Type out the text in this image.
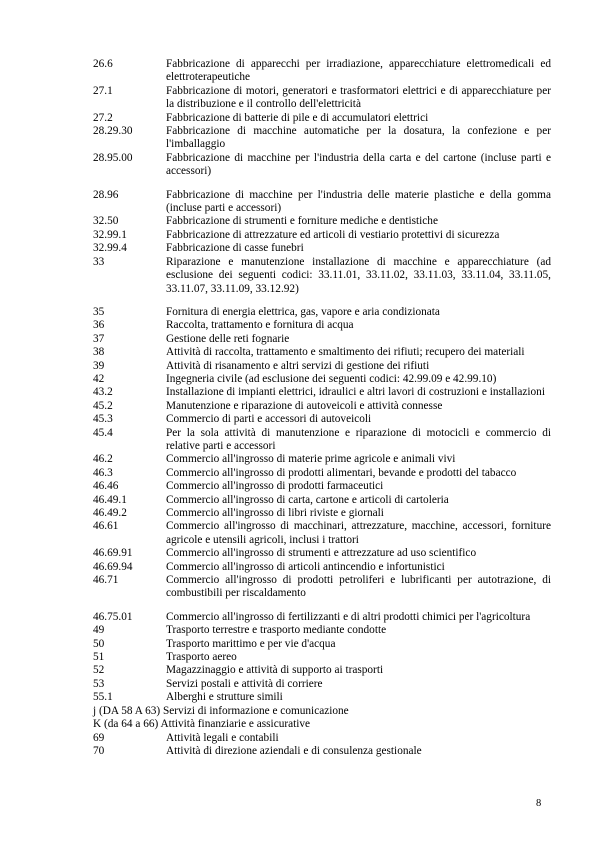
26.6	Fabbricazione di apparecchi per irradiazione, apparecchiature elettromedicali ed elettroterapeutiche
27.1	Fabbricazione di motori, generatori e trasformatori elettrici e di apparecchiature per la distribuzione e il controllo dell'elettricità
27.2	Fabbricazione di batterie di pile e di accumulatori elettrici
28.29.30	Fabbricazione di macchine automatiche per la dosatura, la confezione e per l'imballaggio
28.95.00	Fabbricazione di macchine per l'industria della carta e del cartone (incluse parti e accessori)
28.96	Fabbricazione di macchine per l'industria delle materie plastiche e della gomma (incluse parti e accessori)
32.50	Fabbricazione di strumenti e forniture mediche e dentistiche
32.99.1	Fabbricazione di attrezzature ed articoli di vestiario protettivi di sicurezza
32.99.4	Fabbricazione di casse funebri
33	Riparazione e manutenzione installazione di macchine e apparecchiature (ad esclusione dei seguenti codici: 33.11.01, 33.11.02, 33.11.03, 33.11.04, 33.11.05, 33.11.07, 33.11.09, 33.12.92)
35	Fornitura di energia elettrica, gas, vapore e aria condizionata
36	Raccolta, trattamento e fornitura di acqua
37	Gestione delle reti fognarie
38	Attività di raccolta, trattamento e smaltimento dei rifiuti; recupero dei materiali
39	Attività di risanamento e altri servizi di gestione dei rifiuti
42	Ingegneria civile (ad esclusione dei seguenti codici: 42.99.09 e 42.99.10)
43.2	Installazione di impianti elettrici, idraulici e altri lavori di costruzioni e installazioni
45.2	Manutenzione e riparazione di autoveicoli e attività connesse
45.3	Commercio di parti e accessori di autoveicoli
45.4	Per la sola attività di manutenzione e riparazione di motocicli e commercio di relative parti e accessori
46.2	Commercio all'ingrosso di materie prime agricole e animali vivi
46.3	Commercio all'ingrosso di prodotti alimentari, bevande e prodotti del tabacco
46.46	Commercio all'ingrosso di prodotti farmaceutici
46.49.1	Commercio all'ingrosso di carta, cartone e articoli di cartoleria
46.49.2	Commercio all'ingrosso di libri riviste e giornali
46.61	Commercio all'ingrosso di macchinari, attrezzature, macchine, accessori, forniture agricole e utensili agricoli, inclusi i trattori
46.69.91	Commercio all'ingrosso di strumenti e attrezzature ad uso scientifico
46.69.94	Commercio all'ingrosso di articoli antincendio e infortunistici
46.71	Commercio all'ingrosso di prodotti petroliferi e lubrificanti per autotrazione, di combustibili per riscaldamento
46.75.01	Commercio all'ingrosso di fertilizzanti e di altri prodotti chimici per l'agricoltura
49	Trasporto terrestre e trasporto mediante condotte
50	Trasporto marittimo e per vie d'acqua
51	Trasporto aereo
52	Magazzinaggio e attività di supporto ai trasporti
53	Servizi postali e attività di corriere
55.1	Alberghi e strutture simili
j (DA 58 A 63) Servizi di informazione e comunicazione
K (da 64 a 66) Attività finanziarie e assicurative
69	Attività legali e contabili
70	Attività di direzione aziendali e di consulenza gestionale
8
